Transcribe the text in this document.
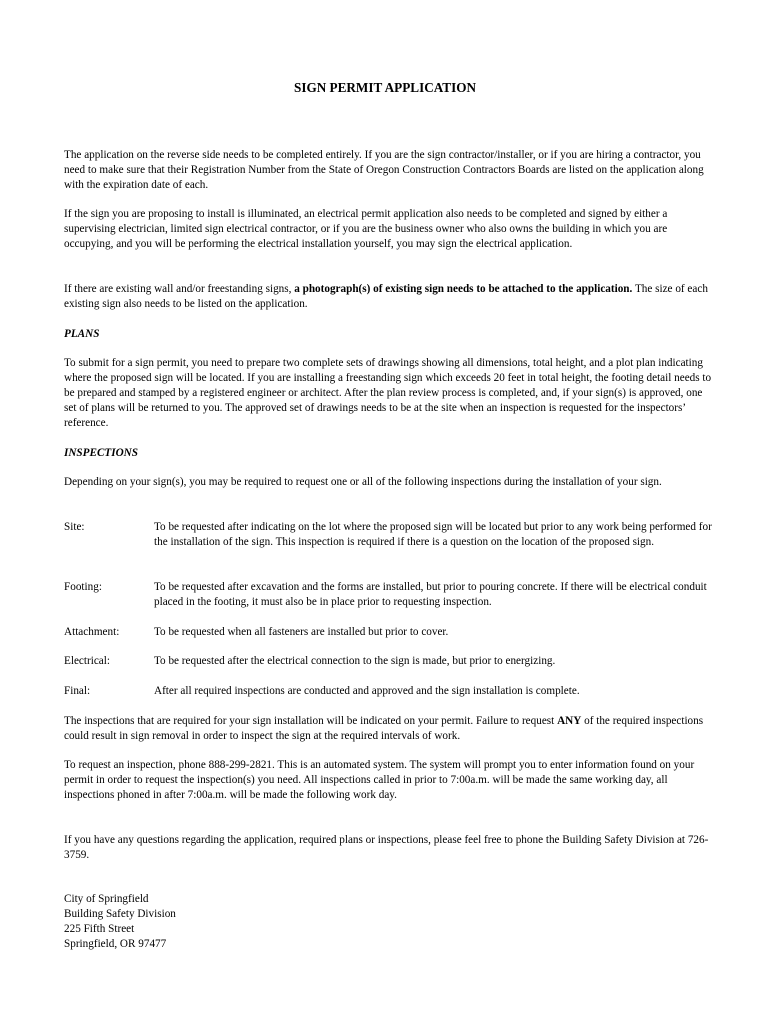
SIGN PERMIT APPLICATION

The application on the reverse side needs to be completed entirely. If you are the sign contractor/installer, or if you are hiring a contractor, you need to make sure that their Registration Number from the State of Oregon Construction Contractors Boards are listed on the application along with the expiration date of each.

If the sign you are proposing to install is illuminated, an electrical permit application also needs to be completed and signed by either a supervising electrician, limited sign electrical contractor, or if you are the business owner who also owns the building in which you are occupying, and you will be performing the electrical installation yourself, you may sign the electrical application.

If there are existing wall and/or freestanding signs, a photograph(s) of existing sign needs to be attached to the application. The size of each existing sign also needs to be listed on the application.

PLANS

To submit for a sign permit, you need to prepare two complete sets of drawings showing all dimensions, total height, and a plot plan indicating where the proposed sign will be located. If you are installing a freestanding sign which exceeds 20 feet in total height, the footing detail needs to be prepared and stamped by a registered engineer or architect. After the plan review process is completed, and, if your sign(s) is approved, one set of plans will be returned to you. The approved set of drawings needs to be at the site when an inspection is requested for the inspectors’ reference.

INSPECTIONS

Depending on your sign(s), you may be required to request one or all of the following inspections during the installation of your sign.

Site:	To be requested after indicating on the lot where the proposed sign will be located but prior to any work being performed for the installation of the sign. This inspection is required if there is a question on the location of the proposed sign.

Footing:	To be requested after excavation and the forms are installed, but prior to pouring concrete. If there will be electrical conduit placed in the footing, it must also be in place prior to requesting inspection.

Attachment:	To be requested when all fasteners are installed but prior to cover.

Electrical:	To be requested after the electrical connection to the sign is made, but prior to energizing.

Final:	After all required inspections are conducted and approved and the sign installation is complete.

The inspections that are required for your sign installation will be indicated on your permit. Failure to request ANY of the required inspections could result in sign removal in order to inspect the sign at the required intervals of work.

To request an inspection, phone 888-299-2821. This is an automated system. The system will prompt you to enter information found on your permit in order to request the inspection(s) you need. All inspections called in prior to 7:00a.m. will be made the same working day, all inspections phoned in after 7:00a.m. will be made the following work day.

If you have any questions regarding the application, required plans or inspections, please feel free to phone the Building Safety Division at 726-3759.

City of Springfield
Building Safety Division
225 Fifth Street
Springfield, OR 97477
